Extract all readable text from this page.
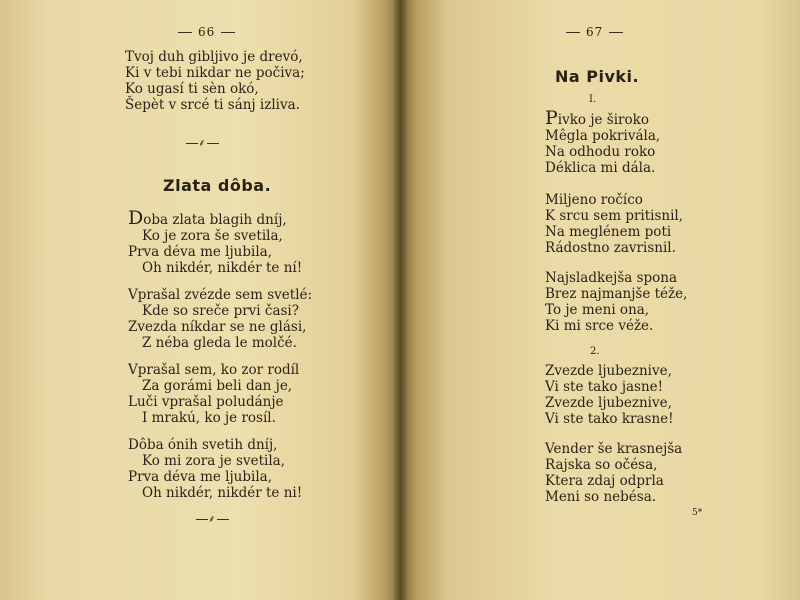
66
Tvoj duh gibljivo je drevó,
Ki v tebi nikdar ne počiva;
Ko ugasí ti sèn okó,
Šepèt v srcé ti sánj izliva.
⸙
Zlata dôba.
Doba zlata blagih dníj,
Ko je zora še svetila,
Prva déva me ljubila,
Oh nikdér, nikdér te ní!
Vprašal zvézde sem svetlé:
Kde so sreče prvi časi?
Zvezda níkdar se ne glási,
Z néba gleda le molčé.
Vprašal sem, ko zor rodíl
Za gorámi beli dan je,
Luči vprašal poludánje
I mrakú, ko je rosíl.
Dôba ónih svetih dníj,
Ko mi zora je svetila,
Prva déva me ljubila,
Oh nikdér, nikdér te ni!
⸙
67
Na Pivki.
I.
Pivko je široko
Mêgla pokrivála,
Na odhodu roko
Déklica mi dála.
Miljeno ročíco
K srcu sem pritisnil,
Na meglénem poti
Rádostno zavrisnil.
Najsladkejša spona
Brez najmanjše téže,
To je meni ona,
Ki mi srce véže.
2.
Zvezde ljubeznive,
Vi ste tako jasne!
Zvezde ljubeznive,
Vi ste tako krasne!
Vender še krasnejša
Rajska so očésa,
Ktera zdaj odprla
Meni so nebésa.
5*
